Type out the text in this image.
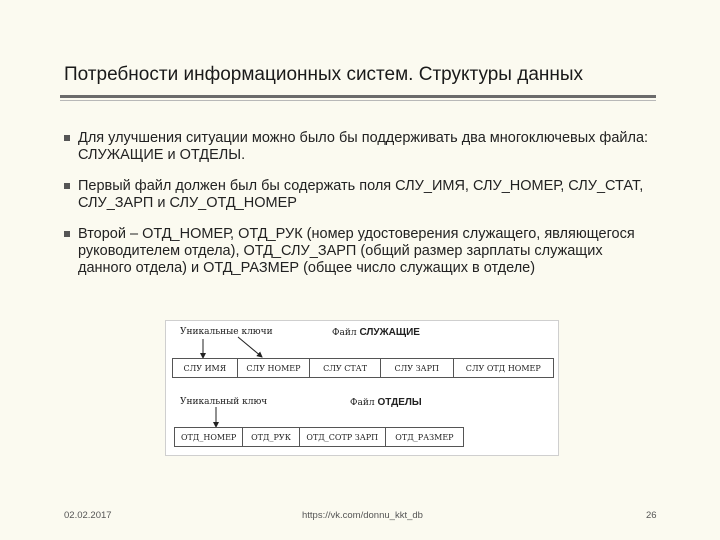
Потребности информационных систем. Структуры данных
Для улучшения ситуации можно было бы поддерживать два многоключевых файла: СЛУЖАЩИЕ и ОТДЕЛЫ.
Первый файл должен был бы содержать поля СЛУ_ИМЯ, СЛУ_НОМЕР, СЛУ_СТАТ, СЛУ_ЗАРП и СЛУ_ОТД_НОМЕР
Второй – ОТД_НОМЕР, ОТД_РУК (номер удостоверения служащего, являющегося руководителем отдела), ОТД_СЛУ_ЗАРП (общий размер зарплаты служащих данного отдела) и ОТД_РАЗМЕР (общее число служащих в отделе)
Уникальные ключи	Файл СЛУЖАЩИЕ
СЛУ ИМЯ	СЛУ НОМЕР	СЛУ СТАТ	СЛУ ЗАРП	СЛУ ОТД НОМЕР
Уникальный ключ	Файл ОТДЕЛЫ
ОТД_НОМЕР	ОТД_РУК	ОТД_СОТР ЗАРП	ОТД_РАЗМЕР
02.02.2017	https://vk.com/donnu_kkt_db	26
